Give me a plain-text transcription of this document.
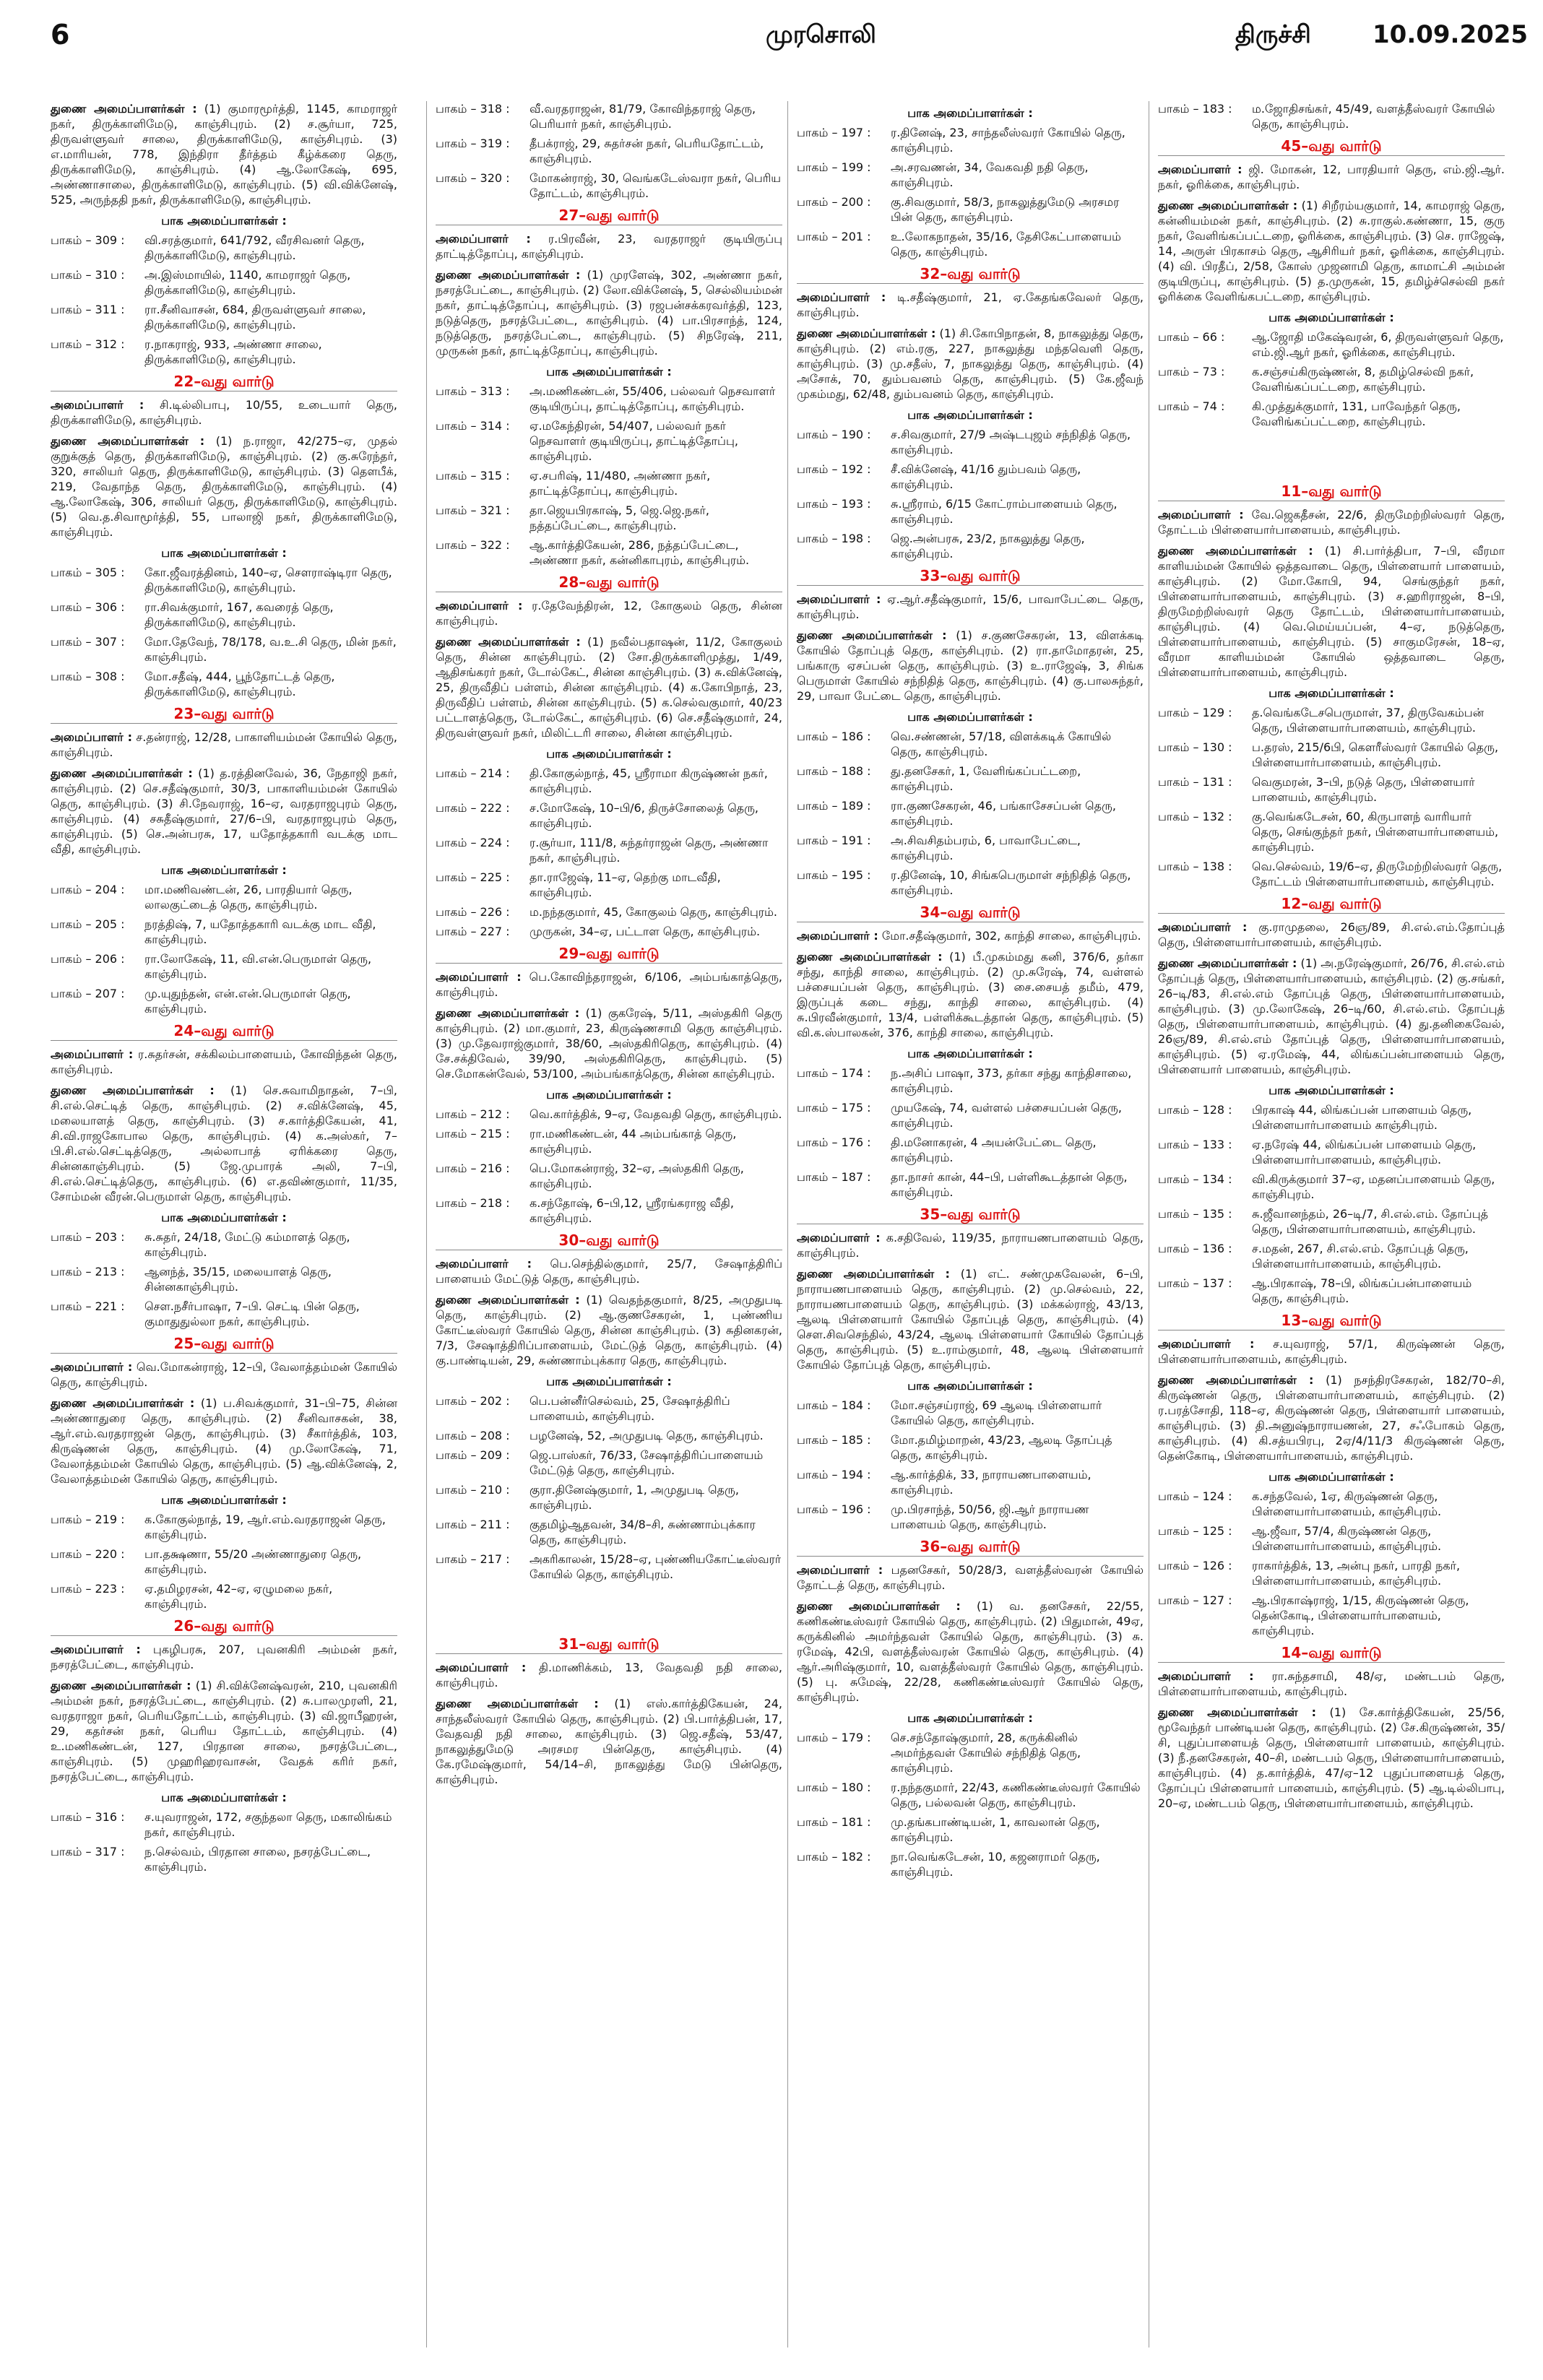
6	முரசொலி	திருச்சி	10.09.2025
துணை அமைப்பாளர்கள் : (1) குமாரமூர்த்தி, 1145, காமராஜர் நகர், திருக்காளிமேடு, காஞ்சிபுரம். (2) ச.சூர்யா, 725, திருவள்ளுவர் சாலை, திருக்காளிமேடு, காஞ்சிபுரம். (3) எ.மாரியன், 778, இந்திரா தீர்த்தம் கீழ்க்கரை தெரு, திருக்காளிமேடு, காஞ்சிபுரம். (4) ஆ.லோகேஷ், 695, அண்ணாசாலை, திருக்காளிமேடு, காஞ்சிபுரம். (5) வி.விக்னேஷ், 525, அருந்ததி நகர், திருக்காளிமேடு, காஞ்சிபுரம்.
பாக அமைப்பாளர்கள் :
பாகம் – 309 :	வி.சரத்குமார், 641/792, வீரசிவனர் தெரு, திருக்காளிமேடு, காஞ்சிபுரம்.
பாகம் – 310 :	அ.இஸ்மாயில், 1140, காமராஜர் தெரு, திருக்காளிமேடு, காஞ்சிபுரம்.
பாகம் – 311 :	ரா.சீனிவாசன், 684, திருவள்ளுவர் சாலை, திருக்காளிமேடு, காஞ்சிபுரம்.
பாகம் – 312 :	ர.நாகராஜ், 933, அண்ணா சாலை, திருக்காளிமேடு, காஞ்சிபுரம்.
22–வது வார்டு
அமைப்பாளர் : சி.டில்லிபாபு, 10/55, உடையார் தெரு, திருக்காளிமேடு, காஞ்சிபுரம்.
துணை அமைப்பாளர்கள் : (1) ந.ராஜா, 42/275–ஏ, முதல் குறுக்குத் தெரு, திருக்காளிமேடு, காஞ்சிபுரம். (2) கு.சுரேந்தர், 320, சாலியர் தெரு, திருக்காளிமேடு, காஞ்சிபுரம். (3) தெளபீக், 219, வேதாந்த தெரு, திருக்காளிமேடு, காஞ்சிபுரம். (4) ஆ.லோகேஷ், 306, சாலியர் தெரு, திருக்காளிமேடு, காஞ்சிபுரம். (5) வெ.த.சிவாமூர்த்தி, 55, பாலாஜி நகர், திருக்காளிமேடு, காஞ்சிபுரம்.
பாக அமைப்பாளர்கள் :
பாகம் – 305 :	கோ.ஜீவரத்தினம், 140–ஏ, சௌராஷ்டிரா தெரு, திருக்காளிமேடு, காஞ்சிபுரம்.
பாகம் – 306 :	ரா.சிவக்குமார், 167, கவரைத் தெரு, திருக்காளிமேடு, காஞ்சிபுரம்.
பாகம் – 307 :	மோ.தேவேந், 78/178, வ.உ.சி தெரு, மின் நகர், காஞ்சிபுரம்.
பாகம் – 308 :	மோ.சதீஷ், 444, பூந்தோட்டத் தெரு, திருக்காளிமேடு, காஞ்சிபுரம்.
23–வது வார்டு
அமைப்பாளர் : ச.தன்ராஜ், 12/28, பாகாளியம்மன் கோயில் தெரு, காஞ்சிபுரம்.
துணை அமைப்பாளர்கள் : (1) த.ரத்தினவேல், 36, நேதாஜி நகர், காஞ்சிபுரம். (2) செ.சதீஷ்குமார், 30/3, பாகாளியம்மன் கோயில் தெரு, காஞ்சிபுரம். (3) சி.நேவராஜ், 16–ஏ, வரதராஜபுரம் தெரு, காஞ்சிபுரம். (4) சசுதீஷ்குமார், 27/6–பி, வரதராஜபுரம் தெரு, காஞ்சிபுரம். (5) செ.அன்பரசு, 17, யதோத்தகாரி வடக்கு மாட வீதி, காஞ்சிபுரம்.
பாக அமைப்பாளர்கள் :
பாகம் – 204 :	மா.மணிவண்டன், 26, பாரதியார் தெரு, லாலகுட்டைத் தெரு, காஞ்சிபுரம்.
பாகம் – 205 :	நரத்திஷ், 7, யதோத்தகாரி வடக்கு மாட வீதி, காஞ்சிபுரம்.
பாகம் – 206 :	ரா.லோகேஷ், 11, வி.என்.பெருமாள் தெரு, காஞ்சிபுரம்.
பாகம் – 207 :	மு.யுதுந்தன், என்.என்.பெருமாள் தெரு, காஞ்சிபுரம்.
24–வது வார்டு
அமைப்பாளர் : ர.சுதர்சன், சக்கிலம்பாளையம், கோவிந்தன் தெரு, காஞ்சிபுரம்.
துணை அமைப்பாளர்கள் : (1) செ.சுவாமிநாதன், 7–பி, சி.எல்.செட்டித் தெரு, காஞ்சிபுரம். (2) ச.விக்னேஷ், 45, மலையாளத் தெரு, காஞ்சிபுரம். (3) ச.கார்த்திகேயன், 41, சி.வி.ராஜகோபால தெரு, காஞ்சிபுரம். (4) க.அஸ்கர், 7–பி.சி.எல்.செட்டித்தெரு, அல்லாபாத் ஏரிக்கரை தெரு, சின்னகாஞ்சிபுரம். (5) ஜே.முபாரக் அலி, 7–பி, சி.எல்.செட்டித்தெரு, காஞ்சிபுரம். (6) எ.தவிண்குமார், 11/35, சோம்மன் வீரன்.பெருமாள் தெரு, காஞ்சிபுரம்.
பாக அமைப்பாளர்கள் :
பாகம் – 203 :	சு.சுதர், 24/18, மேட்டு கம்மாளத் தெரு, காஞ்சிபுரம்.
பாகம் – 213 :	ஆனந்த், 35/15, மலையாளத் தெரு, சின்னகாஞ்சிபுரம்.
பாகம் – 221 :	சௌ.நசீர்பாஷா, 7–பி. செட்டி பின் தெரு, குமாதுதுல்லா நகர், காஞ்சிபுரம்.
25–வது வார்டு
அமைப்பாளர் : வெ.மோகன்ராஜ், 12–பி, வேலாத்தம்மன் கோயில் தெரு, காஞ்சிபுரம்.
துணை அமைப்பாளர்கள் : (1) ப.சிவக்குமார், 31–பி–75, சின்ன அண்ணாதுரை தெரு, காஞ்சிபுரம். (2) சீனிவாசகன், 38, ஆர்.எம்.வரதராஜன் தெரு, காஞ்சிபுரம். (3) சீகார்த்திக், 103, கிருஷ்ணன் தெரு, காஞ்சிபுரம். (4) மு.லோகேஷ், 71, வேலாத்தம்மன் கோயில் தெரு, காஞ்சிபுரம். (5) ஆ.விக்னேஷ், 2, வேலாத்தம்மன் கோயில் தெரு, காஞ்சிபுரம்.
பாக அமைப்பாளர்கள் :
பாகம் – 219 :	க.கோகுல்நாத், 19, ஆர்.எம்.வரதராஜன் தெரு, காஞ்சிபுரம்.
பாகம் – 220 :	பா.தக்ஷணா, 55/20 அண்ணாதுரை தெரு, காஞ்சிபுரம்.
பாகம் – 223 :	ஏ.தமிழரசன், 42–ஏ, ஏழுமலை நகர், காஞ்சிபுரம்.
26–வது வார்டு
அமைப்பாளர் : புகழிபரசு, 207, புவனகிரி அம்மன் நகர், நசரத்பேட்டை, காஞ்சிபுரம்.
துணை அமைப்பாளர்கள் : (1) சி.விக்னேஷ்வரன், 210, புவனகிரி அம்மன் நகர், நசரத்பேட்டை, காஞ்சிபுரம். (2) சு.பாலமுரளி, 21, வரதராஜா நகர், பெரியதோட்டம், காஞ்சிபுரம். (3) வி.ஜாபீஹரன், 29, கதர்சன் நகர், பெரிய தோட்டம், காஞ்சிபுரம். (4) உ.மணிகண்டன், 127, பிரதான சாலை, நசரத்பேட்டை, காஞ்சிபுரம். (5) முஹரிஹரவாசன், வேதக் கரிர் நகர், நசரத்பேட்டை, காஞ்சிபுரம்.
பாக அமைப்பாளர்கள் :
பாகம் – 316 :	ச.யுவராஜன், 172, சகுந்தலா தெரு, மகாலிங்கம் நகர், காஞ்சிபுரம்.
பாகம் – 317 :	ந.செல்வம், பிரதான சாலை, நசரத்பேட்டை, காஞ்சிபுரம்.
பாகம் – 318 :	வீ.வரதராஜன், 81/79, கோவிந்தராஜ் தெரு, பெரியார் நகர், காஞ்சிபுரம்.
பாகம் – 319 :	தீபக்ராஜ், 29, சுதர்சன் நகர், பெரியதோட்டம், காஞ்சிபுரம்.
பாகம் – 320 :	மோகன்ராஜ், 30, வெங்கடேஸ்வரா நகர், பெரிய தோட்டம், காஞ்சிபுரம்.
27–வது வார்டு
அமைப்பாளர் : ர.பிரவீன், 23, வரதராஜர் குடியிருப்பு தாட்டித்தோப்பு, காஞ்சிபுரம்.
துணை அமைப்பாளர்கள் : (1) முரளேஷ், 302, அண்ணா நகர், நசரத்பேட்டை, காஞ்சிபுரம். (2) லோ.விக்னேஷ், 5, செல்லியம்மன் நகர், தாட்டித்தோப்பு, காஞ்சிபுரம். (3) ரஜபன்சக்கரவர்த்தி, 123, நடுத்தெரு, நசரத்பேட்டை, காஞ்சிபுரம். (4) பா.பிரசாந்த், 124, நடுத்தெரு, நசரத்பேட்டை, காஞ்சிபுரம். (5) சிநரேஷ், 211, முருகன் நகர், தாட்டித்தோப்பு, காஞ்சிபுரம்.
பாக அமைப்பாளர்கள் :
பாகம் – 313 :	அ.மணிகண்டன், 55/406, பல்லவர் நெசவாளர் குடியிருப்பு, தாட்டித்தோப்பு, காஞ்சிபுரம்.
பாகம் – 314 :	ஏ.மகேந்திரன், 54/407, பல்லவர் நகர் நெசவாளர் குடியிருப்பு, தாட்டித்தோப்பு, காஞ்சிபுரம்.
பாகம் – 315 :	ஏ.சபரிஷ், 11/480, அண்ணா நகர், தாட்டித்தோப்பு, காஞ்சிபுரம்.
பாகம் – 321 :	தா.ஜெயபிரகாஷ், 5, ஜெ.ஜெ.நகர், நத்தப்பேட்டை, காஞ்சிபுரம்.
பாகம் – 322 :	ஆ.கார்த்திகேயன், 286, நத்தப்பேட்டை, அண்ணா நகர், கன்னிகாபுரம், காஞ்சிபுரம்.
28–வது வார்டு
அமைப்பாளர் : ர.தேவேந்திரன், 12, கோகுலம் தெரு, சின்ன காஞ்சிபுரம்.
துணை அமைப்பாளர்கள் : (1) நவீல்பதாஷன், 11/2, கோகுலம் தெரு, சின்ன காஞ்சிபுரம். (2) சோ.திருக்காளிமுத்து, 1/49, ஆதிசங்கரர் நகர், டோல்கேட், சின்ன காஞ்சிபுரம். (3) சு.விக்னேஷ், 25, திருவீதிப் பள்ளம், சின்ன காஞ்சிபுரம். (4) க.கோபிநாத், 23, திருவீதிப் பள்ளம், சின்ன காஞ்சிபுரம். (5) க.செல்வகுமார், 40/23 பட்டாளத்தெரு, டோல்கேட், காஞ்சிபுரம். (6) செ.சதீஷ்குமார், 24, திருவள்ளுவர் நகர், மிலிட்டரி சாலை, சின்ன காஞ்சிபுரம்.
பாக அமைப்பாளர்கள் :
பாகம் – 214 :	தி.கோகுல்நாத், 45, ஸ்ரீராமா கிருஷ்ணன் நகர், காஞ்சிபுரம்.
பாகம் – 222 :	ச.மோகேஷ், 10–பி/6, திருச்சோலைத் தெரு, காஞ்சிபுரம்.
பாகம் – 224 :	ர.சூர்யா, 111/8, சுந்தர்ராஜன் தெரு, அண்ணா நகர், காஞ்சிபுரம்.
பாகம் – 225 :	தா.ராஜேஷ், 11–ஏ, தெற்கு மாடவீதி, காஞ்சிபுரம்.
பாகம் – 226 :	ம.நந்தகுமார், 45, கோகுலம் தெரு, காஞ்சிபுரம்.
பாகம் – 227 :	முருகன், 34–ஏ, பட்டாள தெரு, காஞ்சிபுரம்.
29–வது வார்டு
அமைப்பாளர் : பெ.கோவிந்தராஜன், 6/106, அம்பங்காத்தெரு, காஞ்சிபுரம்.
துணை அமைப்பாளர்கள் : (1) குகரேஷ், 5/11, அஸ்தகிரி தெரு காஞ்சிபுரம். (2) மா.குமார், 23, கிருஷ்ணசாமி தெரு காஞ்சிபுரம். (3) மு.தேவராஜ்குமார், 38/60, அஸ்தகிரிதெரு, காஞ்சிபுரம். (4) சே.சக்திவேல், 39/90, அஸ்தகிரிதெரு, காஞ்சிபுரம். (5) செ.மோகன்வேல், 53/100, அம்பங்காத்தெரு, சின்ன காஞ்சிபுரம்.
பாக அமைப்பாளர்கள் :
பாகம் – 212 :	வெ.கார்த்திக், 9–ஏ, வேதவதி தெரு, காஞ்சிபுரம்.
பாகம் – 215 :	ரா.மணிகண்டன், 44 அம்பங்காத் தெரு, காஞ்சிபுரம்.
பாகம் – 216 :	பெ.மோகன்ராஜ், 32–ஏ, அஸ்தகிரி தெரு, காஞ்சிபுரம்.
பாகம் – 218 :	க.சந்தோஷ், 6–பி,12, ஸ்ரீரங்கராஜ வீதி, காஞ்சிபுரம்.
30–வது வார்டு
அமைப்பாளர் : பெ.செந்தில்குமார், 25/7, சேஷாத்திரிப் பாளையம் மேட்டுத் தெரு, காஞ்சிபுரம்.
துணை அமைப்பாளர்கள் : (1) வெதந்தகுமார், 8/25, அமுதுபடி தெரு, காஞ்சிபுரம். (2) ஆ.குணசேகரன், 1, புண்ணிய கோட்டீஸ்வரர் கோயில் தெரு, சின்ன காஞ்சிபுரம். (3) சுதினகரன், 7/3, சேஷாத்திரிப்பாளையம், மேட்டுத் தெரு, காஞ்சிபுரம். (4) கு.பாண்டியன், 29, சுண்ணாம்புக்கார தெரு, காஞ்சிபுரம்.
பாக அமைப்பாளர்கள் :
பாகம் – 202 :	பெ.பன்னீர்செல்வம், 25, சேஷாத்திரிப் பாளையம், காஞ்சிபுரம்.
பாகம் – 208 :	பழனேஷ், 52, அமுதுபடி தெரு, காஞ்சிபுரம்.
பாகம் – 209 :	ஜெ.பாஸ்கர், 76/33, சேஷாத்திரிப்பாளையம் மேட்டுத் தெரு, காஞ்சிபுரம்.
பாகம் – 210 :	குரா.தினேஷ்குமார், 1, அமுதுபடி தெரு, காஞ்சிபுரம்.
பாகம் – 211 :	குதமிழ்ஆதவன், 34/8–சி, சுண்ணாம்புக்கார தெரு, காஞ்சிபுரம்.
பாகம் – 217 :	அகரிகாலன், 15/28–ஏ, புண்ணியகோட்டீஸ்வரர் கோயில் தெரு, காஞ்சிபுரம்.
31–வது வார்டு
அமைப்பாளர் : தி.மாணிக்கம், 13, வேதவதி நதி சாலை, காஞ்சிபுரம்.
துணை அமைப்பாளர்கள் : (1) எஸ்.கார்த்திகேயன், 24, சாந்தலீஸ்வரர் கோயில் தெரு, காஞ்சிபுரம். (2) பி.பார்த்திபன், 17, வேதவதி நதி சாலை, காஞ்சிபுரம். (3) ஜெ.சதீஷ், 53/47, நாகலுத்துமேடு அரசமர பின்தெரு, காஞ்சிபுரம். (4) கே.ரமேஷ்குமார், 54/14–சி, நாகலுத்து மேடு பின்தெரு, காஞ்சிபுரம்.
பாக அமைப்பாளர்கள் :
பாகம் – 197 :	ர.தினேஷ், 23, சாந்தலீஸ்வரர் கோயில் தெரு, காஞ்சிபுரம்.
பாகம் – 199 :	அ.சரவணன், 34, வேகவதி நதி தெரு, காஞ்சிபுரம்.
பாகம் – 200 :	கு.சிவகுமார், 58/3, நாகலுத்துமேடு அரசமர பின் தெரு, காஞ்சிபுரம்.
பாகம் – 201 :	உ.லோகநாதன், 35/16, தேசிகேட்பாளையம் தெரு, காஞ்சிபுரம்.
32–வது வார்டு
அமைப்பாளர் : டி.சதீஷ்குமார், 21, ஏ.கேதங்கவேலர் தெரு, காஞ்சிபுரம்.
துணை அமைப்பாளர்கள் : (1) சி.கோபிநாதன், 8, நாகலுத்து தெரு, காஞ்சிபுரம். (2) எம்.ரகு, 227, நாகலுத்து மந்தவெளி தெரு, காஞ்சிபுரம். (3) மு.சதீஸ், 7, நாகலுத்து தெரு, காஞ்சிபுரம். (4) அசோக், 70, தும்பவனம் தெரு, காஞ்சிபுரம். (5) கே.ஜீவந் முகம்மது, 62/48, தும்பவனம் தெரு, காஞ்சிபுரம்.
பாக அமைப்பாளர்கள் :
பாகம் – 190 :	ச.சிவகுமார், 27/9 அஷ்டபுஜம் சந்நிதித் தெரு, காஞ்சிபுரம்.
பாகம் – 192 :	சீ.விக்னேஷ், 41/16 தும்பவம் தெரு, காஞ்சிபுரம்.
பாகம் – 193 :	சு.ஸ்ரீராம், 6/15 கோட்ராம்பாளையம் தெரு, காஞ்சிபுரம்.
பாகம் – 198 :	ஜெ.அன்பரசு, 23/2, நாகலுத்து தெரு, காஞ்சிபுரம்.
33–வது வார்டு
அமைப்பாளர் : ஏ.ஆர்.சதீஷ்குமார், 15/6, பாவாபேட்டை தெரு, காஞ்சிபுரம்.
துணை அமைப்பாளர்கள் : (1) ச.குணசேகரன், 13, விளக்கடி கோயில் தோப்புத் தெரு, காஞ்சிபுரம். (2) ரா.தாமோதரன், 25, பங்காரு ஏசப்பன் தெரு, காஞ்சிபுரம். (3) உ.ராஜேஷ், 3, சிங்க பெருமாள் கோயில் சந்நிதித் தெரு, காஞ்சிபுரம். (4) கு.பாலசுந்தர், 29, பாவா பேட்டை தெரு, காஞ்சிபுரம்.
பாக அமைப்பாளர்கள் :
பாகம் – 186 :	வெ.சண்ணன், 57/18, விளக்கடிக் கோயில் தெரு, காஞ்சிபுரம்.
பாகம் – 188 :	து.தனசேகர், 1, வேளிங்கப்பட்டறை, காஞ்சிபுரம்.
பாகம் – 189 :	ரா.குணசேகரன், 46, பங்காசேசப்பன் தெரு, காஞ்சிபுரம்.
பாகம் – 191 :	அ.சிவசிதம்பரம், 6, பாவாபேட்டை, காஞ்சிபுரம்.
பாகம் – 195 :	ர.தினேஷ், 10, சிங்கபெருமாள் சந்நிதித் தெரு, காஞ்சிபுரம்.
34–வது வார்டு
அமைப்பாளர் : மோ.சதீஷ்குமார், 302, காந்தி சாலை, காஞ்சிபுரம்.
துணை அமைப்பாளர்கள் : (1) பீ.முகம்மது கனி, 376/6, தர்கா சந்து, காந்தி சாலை, காஞ்சிபுரம். (2) மு.சுரேஷ், 74, வள்ளல் பச்சையப்பன் தெரு, காஞ்சிபுரம். (3) சை.சையத் தமீம், 479, இருப்புக் கடை சந்து, காந்தி சாலை, காஞ்சிபுரம். (4) சு.பிரவீன்குமார், 13/4, பள்ளிக்கூடத்தான் தெரு, காஞ்சிபுரம். (5) வி.க.ஸ்பாலகன், 376, காந்தி சாலை, காஞ்சிபுரம்.
பாக அமைப்பாளர்கள் :
பாகம் – 174 :	ந.அசிப் பாஷா, 373, தர்கா சந்து காந்திசாலை, காஞ்சிபுரம்.
பாகம் – 175 :	முயகேஷ், 74, வள்ளல் பச்சையப்பன் தெரு, காஞ்சிபுரம்.
பாகம் – 176 :	தி.மனோகரன், 4 அயன்பேட்டை தெரு, காஞ்சிபுரம்.
பாகம் – 187 :	தா.நாசர் கான், 44–பி, பள்ளிகூடத்தான் தெரு, காஞ்சிபுரம்.
35–வது வார்டு
அமைப்பாளர் : க.சதிவேல், 119/35, நாராயணபாளையம் தெரு, காஞ்சிபுரம்.
துணை அமைப்பாளர்கள் : (1) எட். சண்முகவேலன், 6–பி, நாராயணபாளையம் தெரு, காஞ்சிபுரம். (2) மு.செல்வம், 22, நாராயணபாளையம் தெரு, காஞ்சிபுரம். (3) மக்கல்ராஜ், 43/13, ஆலடி பிள்ளையார் கோயில் தோப்புத் தெரு, காஞ்சிபுரம். (4) சௌ.சிவசெந்தில், 43/24, ஆலடி பிள்ளையார் கோயில் தோப்புத் தெரு, காஞ்சிபுரம். (5) உ.ராம்குமார், 48, ஆலடி பிள்ளையார் கோயில் தோப்புத் தெரு, காஞ்சிபுரம்.
பாக அமைப்பாளர்கள் :
பாகம் – 184 :	மோ.சஞ்சய்ராஜ், 69 ஆலடி பிள்ளையார் கோயில் தெரு, காஞ்சிபுரம்.
பாகம் – 185 :	மோ.தமிழ்மாறன், 43/23, ஆலடி தோப்புத் தெரு, காஞ்சிபுரம்.
பாகம் – 194 :	ஆ.கார்த்திக், 33, நாராயணபாளையம், காஞ்சிபுரம்.
பாகம் – 196 :	மு.பிரசாந்த், 50/56, ஜி.ஆர் நாராயண பாளையம் தெரு, காஞ்சிபுரம்.
36–வது வார்டு
அமைப்பாளர் : பதனசேகர், 50/28/3, வளத்தீஸ்வரன் கோயில் தோட்டத் தெரு, காஞ்சிபுரம்.
துணை அமைப்பாளர்கள் : (1) வ. தனசேகர், 22/55, கணிகண்டீஸ்வரர் கோயில் தெரு, காஞ்சிபுரம். (2) பிதுமான், 49ஏ, கருக்கினில் அமர்ந்தவள் கோயில் தெரு, காஞ்சிபுரம். (3) சு. ரமேஷ், 42பி, வளத்தீஸ்வரன் கோயில் தெரு, காஞ்சிபுரம். (4) ஆர்.அரிஷ்குமார், 10, வளத்தீஸ்வரர் கோயில் தெரு, காஞ்சிபுரம். (5) பு. சுமேஷ், 22/28, கணிகண்டீஸ்வரர் கோயில் தெரு, காஞ்சிபுரம்.
பாக அமைப்பாளர்கள் :
பாகம் – 179 :	செ.சந்தோஷ்குமார், 28, கருக்கினில் அமர்ந்தவள் கோயில் சந்நிதித் தெரு, காஞ்சிபுரம்.
பாகம் – 180 :	ர.நந்தகுமார், 22/43, கணிகண்டீஸ்வரர் கோயில் தெரு, பல்லவன் தெரு, காஞ்சிபுரம்.
பாகம் – 181 :	மு.தங்கபாண்டியன், 1, காவலான் தெரு, காஞ்சிபுரம்.
பாகம் – 182 :	நா.வெங்கடேசன், 10, கஜனராமர் தெரு, காஞ்சிபுரம்.
பாகம் – 183 :	ம.ஜோதிசங்கர், 45/49, வளத்தீஸ்வரர் கோயில் தெரு, காஞ்சிபுரம்.
45–வது வார்டு
அமைப்பாளர் : ஜி. மோகன், 12, பாரதியார் தெரு, எம்.ஜி.ஆர். நகர், ஓரிக்கை, காஞ்சிபுரம்.
துணை அமைப்பாளர்கள் : (1) சிறீரம்யகுமார், 14, காமராஜ் தெரு, கன்னியம்மன் நகர், காஞ்சிபுரம். (2) சு.ராகுல்.கண்ணா, 15, குரு நகர், வேளிங்கப்பட்டறை, ஓரிக்கை, காஞ்சிபுரம். (3) செ. ராஜேஷ், 14, அருள் பிரகாசம் தெரு, ஆசிரியர் நகர், ஓரிக்கை, காஞ்சிபுரம். (4) வி. பிரதீப், 2/58, கோஸ் முஜனாமி தெரு, காமாட்சி அம்மன் குடியிருப்பு, காஞ்சிபுரம். (5) த.முருகன், 15, தமிழ்ச்செல்வி நகர் ஓரிக்கை வேளிங்கபட்டறை, காஞ்சிபுரம்.
பாக அமைப்பாளர்கள் :
பாகம் – 66 :	ஆ.ஜோதி மகேஷ்வரன், 6, திருவள்ளுவர் தெரு, எம்.ஜி.ஆர் நகர், ஓரிக்கை, காஞ்சிபுரம்.
பாகம் – 73 :	க.சஞ்சய்கிருஷ்ணன், 8, தமிழ்செல்வி நகர், வேளிங்கப்பட்டறை, காஞ்சிபுரம்.
பாகம் – 74 :	கி.முத்துக்குமார், 131, பாவேந்தர் தெரு, வேளிங்கப்பட்டறை, காஞ்சிபுரம்.
11–வது வார்டு
அமைப்பாளர் : வே.ஜெகதீசன், 22/6, திருமேற்றிஸ்வரர் தெரு, தோட்டம் பிள்ளையார்பாளையம், காஞ்சிபுரம்.
துணை அமைப்பாளர்கள் : (1) சி.பார்த்திபா, 7–பி, வீரமா காளியம்மன் கோயில் ஒத்தவாடை தெரு, பிள்ளையார் பாளையம், காஞ்சிபுரம். (2) மோ.கோபி, 94, செங்குந்தர் நகர், பிள்ளையார்பாளையம், காஞ்சிபுரம். (3) ச.ஹரிராஜன், 8–பி, திருமேற்றிஸ்வரர் தெரு தோட்டம், பிள்ளையார்பாளையம், காஞ்சிபுரம். (4) வெ.மெய்யப்பன், 4–ஏ, நடுத்தெரு, பிள்ளையார்பாளையம், காஞ்சிபுரம். (5) சாகுமரேசன், 18–ஏ, வீரமா காளியம்மன் கோயில் ஒத்தவாடை தெரு, பிள்ளையார்பாளையம், காஞ்சிபுரம்.
பாக அமைப்பாளர்கள் :
பாகம் – 129 :	த.வெங்கடேசபெருமாள், 37, திருவேகம்பன் தெரு, பிள்ளையார்பாளையம், காஞ்சிபுரம்.
பாகம் – 130 :	ப.தரஸ், 215/6பி, கௌரீஸ்வரர் கோயில் தெரு, பிள்ளையார்பாளையம், காஞ்சிபுரம்.
பாகம் – 131 :	வெகுமரன், 3–பி, நடுத் தெரு, பிள்ளையார் பாளையம், காஞ்சிபுரம்.
பாகம் – 132 :	கு.வெங்கடேசன், 60, கிருபாளந் வாரியார் தெரு, செங்குந்தர் நகர், பிள்ளையார்பாளையம், காஞ்சிபுரம்.
பாகம் – 138 :	வெ.செல்வம், 19/6–ஏ, திருமேற்றிஸ்வரர் தெரு, தோட்டம் பிள்ளையார்பாளையம், காஞ்சிபுரம்.
12–வது வார்டு
அமைப்பாளர் : கு.ராமுதலை, 26ஞ/89, சி.எல்.எம்.தோப்புத் தெரு, பிள்ளையார்பாளையம், காஞ்சிபுரம்.
துணை அமைப்பாளர்கள் : (1) அ.நரேஷ்குமார், 26/76, சி.எல்.எம் தோப்புத் தெரு, பிள்ளையார்பாளையம், காஞ்சிபுரம். (2) கு.சங்கர், 26–டி/83, சி.எல்.எம் தோப்புத் தெரு, பிள்ளையார்பாளையம், காஞ்சிபுரம். (3) மு.லோகேஷ், 26–டி/60, சி.எல்.எம். தோப்புத் தெரு, பிள்ளையார்பாளையம், காஞ்சிபுரம். (4) து.தனிகைவேல், 26ஞ/89, சி.எல்.எம் தோப்புத் தெரு, பிள்ளையார்பாளையம், காஞ்சிபுரம். (5) ஏ.ரமேஷ், 44, லிங்கப்பன்பாளையம் தெரு, பிள்ளையார் பாளையம், காஞ்சிபுரம்.
பாக அமைப்பாளர்கள் :
பாகம் – 128 :	பிரகாஷ் 44, லிங்கப்பன் பாளையம் தெரு, பிள்ளையார்பாளையம் காஞ்சிபுரம்.
பாகம் – 133 :	ஏ.நரேஷ் 44, லிங்கப்பன் பாளையம் தெரு, பிள்ளையார்பாளையம், காஞ்சிபுரம்.
பாகம் – 134 :	வி.கிருக்குமார் 37–ஏ, மதனப்பாளையம் தெரு, காஞ்சிபுரம்.
பாகம் – 135 :	சு.ஜீவானந்தம், 26–டி/7, சி.எல்.எம். தோப்புத் தெரு, பிள்ளையார்பாளையம், காஞ்சிபுரம்.
பாகம் – 136 :	ச.மதன், 267, சி.எல்.எம். தோப்புத் தெரு, பிள்ளையார்பாளையம், காஞ்சிபுரம்.
பாகம் – 137 :	ஆ.பிரகாஷ், 78–பி, லிங்கப்பன்பாளையம் தெரு, காஞ்சிபுரம்.
13–வது வார்டு
அமைப்பாளர் : ச.யுவராஜ், 57/1, கிருஷ்ணன் தெரு, பிள்ளையார்பாளையம், காஞ்சிபுரம்.
துணை அமைப்பாளர்கள் : (1) நசந்திரசேகரன், 182/70–சி, கிருஷ்ணன் தெரு, பிள்ளையார்பாளையம், காஞ்சிபுரம். (2) ர.பரத்சோதி, 118–ஏ, கிருஷ்ணன் தெரு, பிள்ளையார் பாளையம், காஞ்சிபுரம். (3) தி.அனுஷ்நாராயணன், 27, சஃபோகம் தெரு, காஞ்சிபுரம். (4) கி.சத்யபிரபு, 2ஏ/4/11/3 கிருஷ்ணன் தெரு, தென்கோடி, பிள்ளையார்பாளையம், காஞ்சிபுரம்.
பாக அமைப்பாளர்கள் :
பாகம் – 124 :	க.சந்தவேல், 1ஏ, கிருஷ்ணன் தெரு, பிள்ளையார்பாளையம், காஞ்சிபுரம்.
பாகம் – 125 :	ஆ.ஜீவா, 57/4, கிருஷ்ணன் தெரு, பிள்ளையார்பாளையம், காஞ்சிபுரம்.
பாகம் – 126 :	ராகார்த்திக், 13, அன்பு நகர், பாரதி நகர், பிள்ளையார்பாளையம், காஞ்சிபுரம்.
பாகம் – 127 :	ஆ.பிரகாஷ்ராஜ், 1/15, கிருஷ்ணன் தெரு, தென்கோடி, பிள்ளையார்பாளையம், காஞ்சிபுரம்.
14–வது வார்டு
அமைப்பாளர் : ரா.சுந்தசாமி, 48/ஏ, மண்டபம் தெரு, பிள்ளையார்பாளையம், காஞ்சிபுரம்.
துணை அமைப்பாளர்கள் : (1) சே.கார்த்திகேயன், 25/56, மூவேந்தர் பாண்டியன் தெரு, காஞ்சிபுரம். (2) சே.கிருஷ்ணன், 35/சி, புதுப்பாளையத் தெரு, பிள்ளையார் பாளையம், காஞ்சிபுரம். (3) நீ.தனசேகரன், 40–சி, மண்டபம் தெரு, பிள்ளையார்பாளையம், காஞ்சிபுரம். (4) த.கார்த்திக், 47/ஏ–12 புதுப்பாளையத் தெரு, தோப்புப் பிள்ளையார் பாளையம், காஞ்சிபுரம். (5) ஆ.டில்லிபாபு, 20–ஏ, மண்டபம் தெரு, பிள்ளையார்பாளையம், காஞ்சிபுரம்.
